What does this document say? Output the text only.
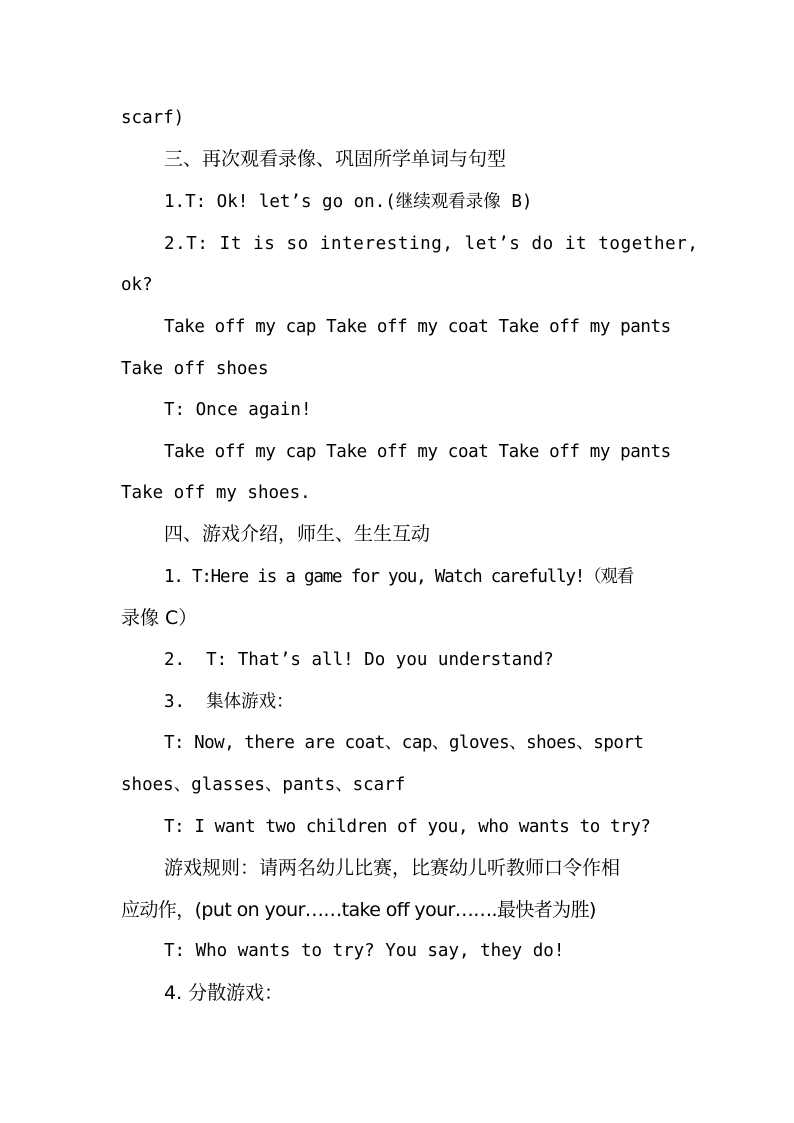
scarf)
三、再次观看录像、巩固所学单词与句型
1.T: Ok! let’s go on.(继续观看录像 B)
2.T: It is so interesting, let’s do it together,
ok?
Take off my cap Take off my coat Take off my pants
Take off shoes
T: Once again!
Take off my cap Take off my coat Take off my pants
Take off my shoes.
四、游戏介绍，师生、生生互动
1. T:Here is a game for you, Watch carefully!（观看
录像 C）
2.  T: That’s all! Do you understand?
3.  集体游戏：
T: Now, there are coat、cap、gloves、shoes、sport
shoes、glasses、pants、scarf
T: I want two children of you, who wants to try?
游戏规则：请两名幼儿比赛，比赛幼儿听教师口令作相
应动作，(put on your……take off your…….最快者为胜)
T: Who wants to try? You say, they do!
4. 分散游戏：
